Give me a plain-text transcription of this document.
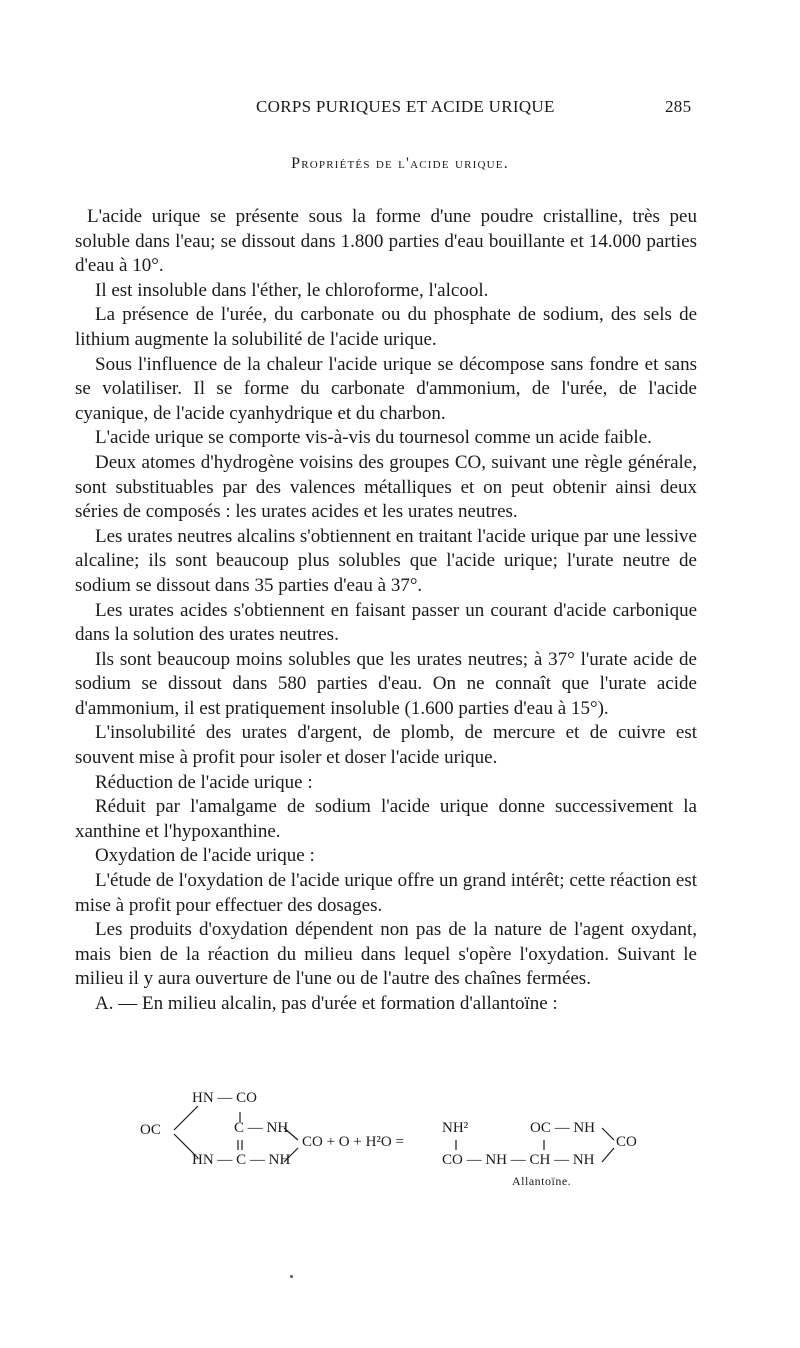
CORPS PURIQUES ET ACIDE URIQUE	285
Propriétés de l'acide urique.

L'acide urique se présente sous la forme d'une poudre cristalline, très peu soluble dans l'eau; se dissout dans 1.800 parties d'eau bouillante et 14.000 parties d'eau à 10°.

Il est insoluble dans l'éther, le chloroforme, l'alcool.

La présence de l'urée, du carbonate ou du phosphate de sodium, des sels de lithium augmente la solubilité de l'acide urique.

Sous l'influence de la chaleur l'acide urique se décompose sans fondre et sans se volatiliser. Il se forme du carbonate d'ammonium, de l'urée, de l'acide cyanique, de l'acide cyanhydrique et du charbon.

L'acide urique se comporte vis-à-vis du tournesol comme un acide faible.

Deux atomes d'hydrogène voisins des groupes CO, suivant une règle générale, sont substituables par des valences métalliques et on peut obtenir ainsi deux séries de composés : les urates acides et les urates neutres.

Les urates neutres alcalins s'obtiennent en traitant l'acide urique par une lessive alcaline; ils sont beaucoup plus solubles que l'acide urique; l'urate neutre de sodium se dissout dans 35 parties d'eau à 37°.

Les urates acides s'obtiennent en faisant passer un courant d'acide carbonique dans la solution des urates neutres.

Ils sont beaucoup moins solubles que les urates neutres; à 37° l'urate acide de sodium se dissout dans 580 parties d'eau. On ne connaît que l'urate acide d'ammonium, il est pratiquement insoluble (1.600 parties d'eau à 15°).

L'insolubilité des urates d'argent, de plomb, de mercure et de cuivre est souvent mise à profit pour isoler et doser l'acide urique.

Réduction de l'acide urique :

Réduit par l'amalgame de sodium l'acide urique donne successivement la xanthine et l'hypoxanthine.

Oxydation de l'acide urique :

L'étude de l'oxydation de l'acide urique offre un grand intérêt; cette réaction est mise à profit pour effectuer des dosages.

Les produits d'oxydation dépendent non pas de la nature de l'agent oxydant, mais bien de la réaction du milieu dans lequel s'opère l'oxydation. Suivant le milieu il y aura ouverture de l'une ou de l'autre des chaînes fermées.

A. — En milieu alcalin, pas d'urée et formation d'allantoïne :

HN — CO
OC	C — NH
HN — C — NH
CO + O + H²O =
NH²
CO — NH — CH — NH
OC — NH
CO
Allantoïne.
